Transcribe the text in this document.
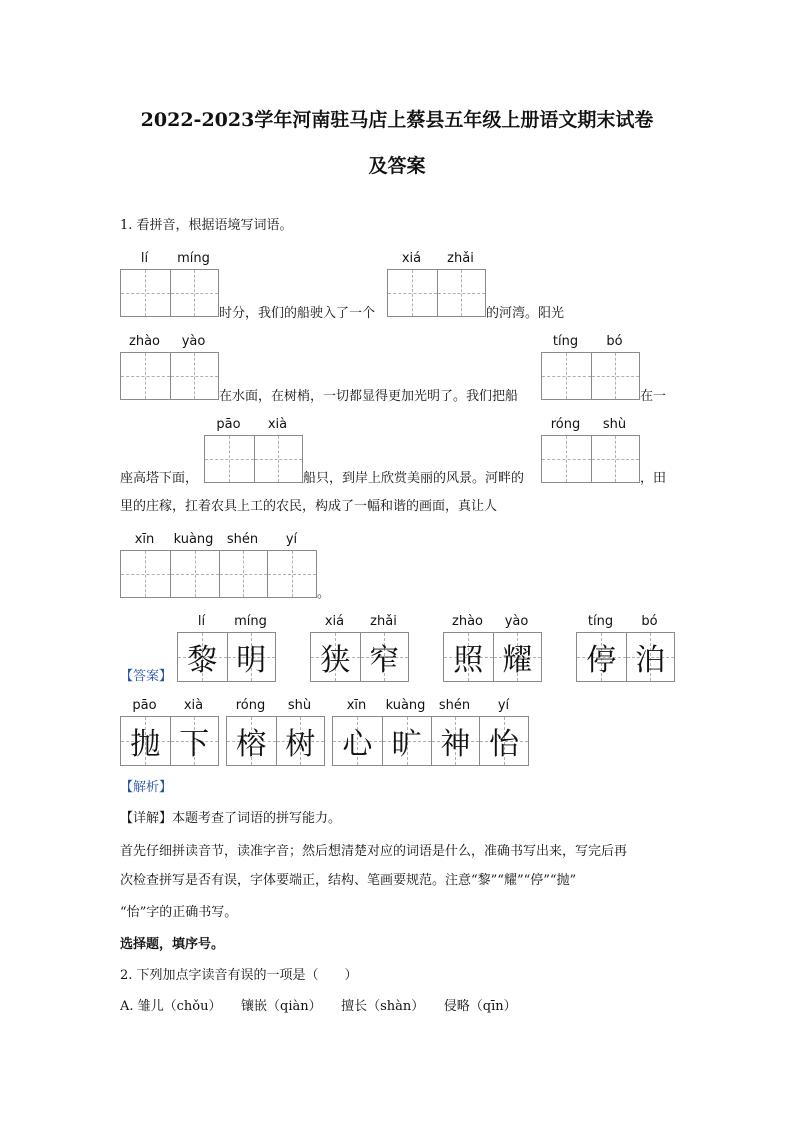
2022-2023学年河南驻马店上蔡县五年级上册语文期末试卷
及答案
1. 看拼音，根据语境写词语。
lí	míng
时分，我们的船驶入了一个
xiá	zhǎi
的河湾。阳光
zhào	yào
在水面，在树梢，一切都显得更加光明了。我们把船
tíng	bó
在一
座高塔下面，
pāo	xià
船只，到岸上欣赏美丽的风景。河畔的
róng	shù
，田
里的庄稼，扛着农具上工的农民，构成了一幅和谐的画面，真让人
xīn	kuàng	shén	yí
。
【答案】
lí	míng
黎 明
xiá	zhǎi
狭 窄
zhào	yào
照 耀
tíng	bó
停 泊
pāo	xià
抛 下
róng	shù
榕 树
xīn	kuàng	shén	yí
心 旷 神 怡
【解析】
【详解】本题考查了词语的拼写能力。
首先仔细拼读音节，读准字音；然后想清楚对应的词语是什么，准确书写出来，写完后再
次检查拼写是否有误，字体要端正，结构、笔画要规范。注意“黎”“耀”“停”“抛”
“怡”字的正确书写。
选择题，填序号。
2. 下列加点字读音有误的一项是（　　）
A. 雏儿（chǒu）　　镶嵌（qiàn）　　擅长（shàn）　　侵略（qīn）
